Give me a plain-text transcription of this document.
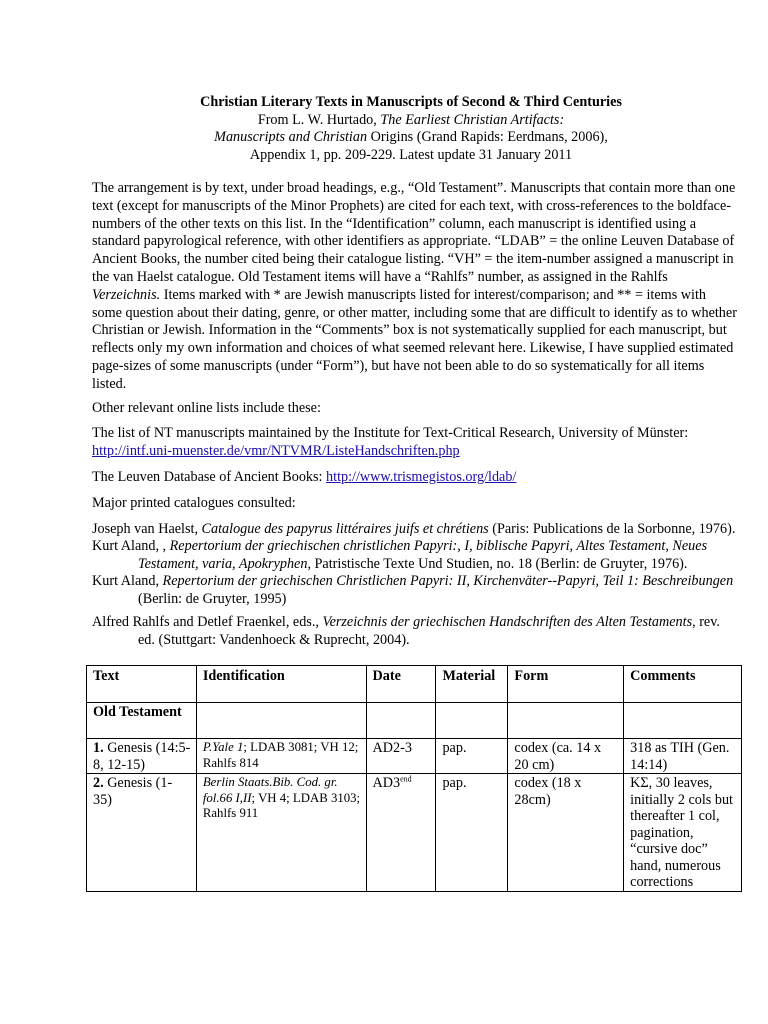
Christian Literary Texts in Manuscripts of Second & Third Centuries
From L. W. Hurtado, The Earliest Christian Artifacts:
Manuscripts and Christian Origins (Grand Rapids: Eerdmans, 2006),
Appendix 1, pp. 209-229. Latest update 31 January 2011

The arrangement is by text, under broad headings, e.g., “Old Testament”. Manuscripts that contain more than one text (except for manuscripts of the Minor Prophets) are cited for each text, with cross-references to the boldface-numbers of the other texts on this list. In the “Identification” column, each manuscript is identified using a standard papyrological reference, with other identifiers as appropriate. “LDAB” = the online Leuven Database of Ancient Books, the number cited being their catalogue listing. “VH” = the item-number assigned a manuscript in the van Haelst catalogue. Old Testament items will have a “Rahlfs” number, as assigned in the Rahlfs Verzeichnis. Items marked with * are Jewish manuscripts listed for interest/comparison; and ** = items with some question about their dating, genre, or other matter, including some that are difficult to identify as to whether Christian or Jewish. Information in the “Comments” box is not systematically supplied for each manuscript, but reflects only my own information and choices of what seemed relevant here. Likewise, I have supplied estimated page-sizes of some manuscripts (under “Form”), but have not been able to do so systematically for all items listed.

Other relevant online lists include these:

The list of NT manuscripts maintained by the Institute for Text-Critical Research, University of Münster: http://intf.uni-muenster.de/vmr/NTVMR/ListeHandschriften.php

The Leuven Database of Ancient Books: http://www.trismegistos.org/ldab/

Major printed catalogues consulted:

Joseph van Haelst, Catalogue des papyrus littéraires juifs et chrétiens (Paris: Publications de la Sorbonne, 1976).

Kurt Aland, , Repertorium der griechischen christlichen Papyri:, I, biblische Papyri, Altes Testament, Neues Testament, varia, Apokryphen, Patristische Texte Und Studien, no. 18 (Berlin: de Gruyter, 1976).

Kurt Aland, Repertorium der griechischen Christlichen Papyri: II, Kirchenväter--Papyri, Teil 1: Beschreibungen (Berlin: de Gruyter, 1995)

Alfred Rahlfs and Detlef Fraenkel, eds., Verzeichnis der griechischen Handschriften des Alten Testaments, rev. ed. (Stuttgart: Vandenhoeck & Ruprecht, 2004).

Text	Identification	Date	Material	Form	Comments
Old Testament					
1. Genesis (14:5-8, 12-15)	P.Yale 1; LDAB 3081; VH 12; Rahlfs 814	AD2-3	pap.	codex (ca. 14 x 20 cm)	318 as ΤΙΗ (Gen. 14:14)
2. Genesis (1-35)	Berlin Staats.Bib. Cod. gr. fol.66 I,II; VH 4; LDAB 3103; Rahlfs 911	$AD3^{end}$	pap.	codex (18 x 28cm)	ΚΣ, 30 leaves, initially 2 cols but thereafter 1 col, pagination, “cursive doc” hand, numerous corrections
